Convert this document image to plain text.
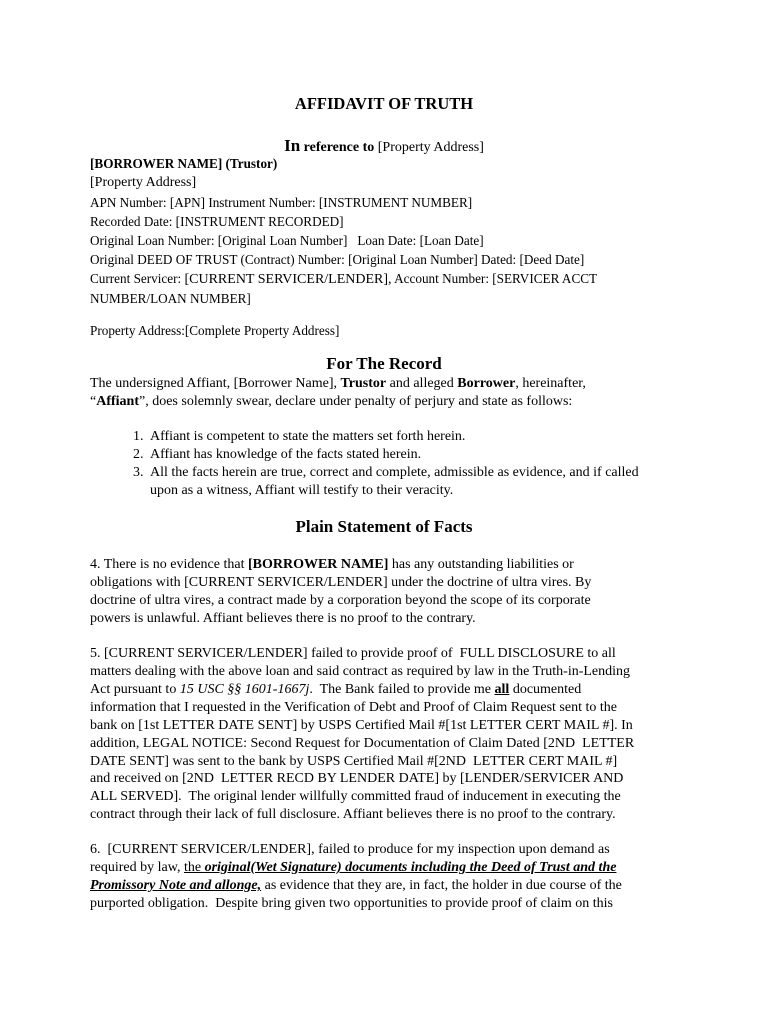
AFFIDAVIT OF TRUTH
In reference to [Property Address]
[BORROWER NAME] (Trustor)
[Property Address]
APN Number: [APN] Instrument Number: [INSTRUMENT NUMBER]
Recorded Date: [INSTRUMENT RECORDED]
Original Loan Number: [Original Loan Number]   Loan Date: [Loan Date]
Original DEED OF TRUST (Contract) Number: [Original Loan Number] Dated: [Deed Date]
Current Servicer: [CURRENT SERVICER/LENDER], Account Number: [SERVICER ACCT
NUMBER/LOAN NUMBER]
Property Address:[Complete Property Address]
For The Record
The undersigned Affiant, [Borrower Name], Trustor and alleged Borrower, hereinafter,
“Affiant”, does solemnly swear, declare under penalty of perjury and state as follows:
1. Affiant is competent to state the matters set forth herein.
2. Affiant has knowledge of the facts stated herein.
3. All the facts herein are true, correct and complete, admissible as evidence, and if called
upon as a witness, Affiant will testify to their veracity.
Plain Statement of Facts
4. There is no evidence that [BORROWER NAME] has any outstanding liabilities or
obligations with [CURRENT SERVICER/LENDER] under the doctrine of ultra vires. By
doctrine of ultra vires, a contract made by a corporation beyond the scope of its corporate
powers is unlawful. Affiant believes there is no proof to the contrary.
5. [CURRENT SERVICER/LENDER] failed to provide proof of  FULL DISCLOSURE to all
matters dealing with the above loan and said contract as required by law in the Truth-in-Lending
Act pursuant to 15 USC §§ 1601-1667j.  The Bank failed to provide me all documented
information that I requested in the Verification of Debt and Proof of Claim Request sent to the
bank on [1st LETTER DATE SENT] by USPS Certified Mail #[1st LETTER CERT MAIL #]. In
addition, LEGAL NOTICE: Second Request for Documentation of Claim Dated [2ND  LETTER
DATE SENT] was sent to the bank by USPS Certified Mail #[2ND  LETTER CERT MAIL #]
and received on [2ND  LETTER RECD BY LENDER DATE] by [LENDER/SERVICER AND
ALL SERVED].  The original lender willfully committed fraud of inducement in executing the
contract through their lack of full disclosure. Affiant believes there is no proof to the contrary.
6.  [CURRENT SERVICER/LENDER], failed to produce for my inspection upon demand as
required by law, the original(Wet Signature) documents including the Deed of Trust and the
Promissory Note and allonge, as evidence that they are, in fact, the holder in due course of the
purported obligation.  Despite bring given two opportunities to provide proof of claim on this
